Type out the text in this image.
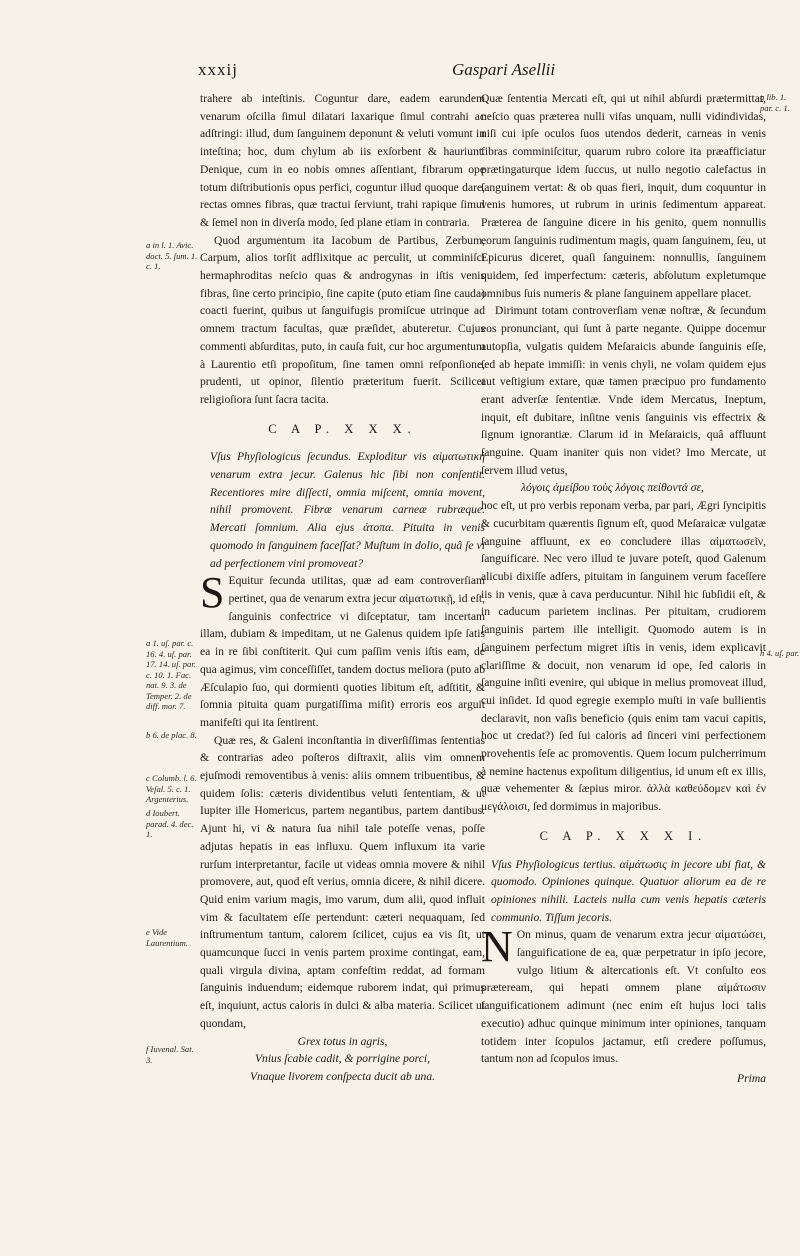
xxxij	Gaspari Asellii
a in l. 1. Avic. doct. 5. ſum. 1. c. 1.
a 1. uſ. par. c. 16. 4. uſ. par. 17. 14. uſ. par. c. 10. 1. Fac. nat. 9. 3. de Temper. 2. de diff. mor. 7.
b 6. de plac. 8.
c Columb. l. 6. Veſal. 5. c. 1. Argenterius.
d Ioubert. parad. 4. dec. 1.
e Vide Laurentium.
f Iuvenal. Sat. 3.
g lib. 1. par. c. 1.
h 4. uſ. par.

trahere ab inteſtinis. Coguntur dare, eadem earundem venarum oſcilla ſimul dilatari laxarique ſimul contrahi ac adſtringi: illud, dum ſanguinem deponunt & veluti vomunt in inteſtina; hoc, dum chylum ab iis exſorbent & hauriunt. Denique, cum in eo nobis omnes aſſentiant, fibrarum ope totum diſtributionis opus perfici, coguntur illud quoque dare, rectas omnes fibras, quæ tractui ſerviunt, trahi rapique ſimul & ſemel non in diverſa modo, ſed plane etiam in contraria.

Quod argumentum ita Iacobum de Partibus, Zerbum, Carpum, alios torſit adflixitque ac perculit, ut comminiſci hermaphroditas neſcio quas & androgynas in iſtis venis fibras, ſine certo principio, ſine capite (puto etiam ſine cauda) coacti fuerint, quibus ut ſanguifugis promiſcue utrinque ad omnem tractum facultas, quæ præſidet, abuteretur. Cujus commenti abſurditas, puto, in cauſa fuit, cur hoc argumentum à Laurentio etſi propoſitum, ſine tamen omni reſponſione, prudenti, ut opinor, ſilentio præteritum fuerit. Scilicet religioſiora ſunt ſacra tacita.

C A P. X X X.

Vſus Phyſiologicus ſecundus. Exploditur vis αἱματωτική venarum extra jecur. Galenus hic ſibi non conſentit. Recentiores mire diſſecti, omnia miſcent, omnia movent, nihil promovent. Fibræ venarum carneæ rubræque. Mercati ſomnium. Alia ejus ἀτοπα. Pituita in venis quomodo in ſanguinem faceſſat? Muſtum in dolio, quâ ſe vi ad perfectionem vini promoveat?

S Equitur ſecunda utilitas, quæ ad eam controverſiam pertinet, qua de venarum extra jecur αἱματωτικῇ, id eſt, ſanguinis confectrice vi diſceptatur, tam incertam illam, dubiam & impeditam, ut ne Galenus quidem ipſe ſatis ea in re ſibi conſtiterit. Qui cum paſſim venis iſtis eam, de qua agimus, vim conceſſiſſet, tandem doctus meliora (puto ab Æſculapio ſuo, qui dormienti quoties libitum eſt, adſtitit, & ſomnia pituita quam purgatiſſima miſit) erroris eos arguit manifeſti qui ita ſentirent.

Quæ res, & Galeni inconſtantia in diverſiſſimas ſententias & contrarias adeo poſteros diſtraxit, aliis vim omnem ejuſmodi removentibus à venis: aliis omnem tribuentibus, & quidem ſolis: cæteris dividentibus veluti ſententiam, & ut Iupiter ille Homericus, partem negantibus, partem dantibus. Ajunt hi, vi & natura ſua nihil tale poteſſe venas, poſſe adjutas hepatis in eas influxu. Quem influxum ita varie rurſum interpretantur, facile ut videas omnia movere & nihil promovere, aut, quod eſt verius, omnia dicere, & nihil dicere. Quid enim varium magis, imo varum, dum alii, quod influit vim & facultatem eſſe pertendunt: cæteri nequaquam, ſed inſtrumentum tantum, calorem ſcilicet, cujus ea vis ſit, ut quamcunque ſucci in venis partem proxime contingat, eam, quali virgula divina, aptam confeſtim reddat, ad formam ſanguinis induendum; eidemque ruborem indat, qui primus eſt, inquiunt, actus caloris in dulci & alba materia. Scilicet ut quondam,

Grex totus in agris,
Vnius ſcabie cadit, & porrigine porci,
Vnaque livorem conſpecta ducit ab una.

Quæ ſententia Mercati eſt, qui ut nihil abſurdi prætermittat, neſcio quas præterea nulli viſas unquam, nulli vidindividas, niſi cui ipſe oculos ſuos utendos dederit, carneas in venis fibras comminiſcitur, quarum rubro colore ita præafficiatur prætingaturque idem ſuccus, ut nullo negotio calefactus in ſanguinem vertat: & ob quas fieri, inquit, dum coquuntur in venis humores, ut rubrum in urinis ſedimentum appareat. Præterea de ſanguine dicere in his genito, quem nonnullis eorum ſanguinis rudimentum magis, quam ſanguinem, ſeu, ut Epicurus diceret, quaſi ſanguinem: nonnullis, ſanguinem quidem, ſed imperfectum: cæteris, abſolutum expletumque omnibus ſuis numeris & plane ſanguinem appellare placet.

Dirimunt totam controverſiam venæ noſtræ, & ſecundum eos pronunciant, qui ſunt à parte negante. Quippe docemur autopſia, vulgatis quidem Meſaraicis abunde ſanguinis eſſe, ſed ab hepate immiſſi: in venis chyli, ne volam quidem ejus aut veſtigium extare, quæ tamen præcipuo pro fundamento erant adverſæ ſententiæ. Vnde idem Mercatus, Ineptum, inquit, eſt dubitare, inſitne venis ſanguinis vis effectrix & ſignum ignorantiæ. Clarum id in Meſaraicis, quâ affluunt ſanguine. Quam inaniter quis non videt? Imo Mercate, ut ſervem illud vetus,

λόγοις ἀμείβου τοὺς λόγοις πείθοντά σε,

hoc eſt, ut pro verbis reponam verba, par pari, Ægri ſyncipitis & cucurbitam quærentis ſignum eſt, quod Meſaraicæ vulgatæ ſanguine affluunt, ex eo concludere illas αἱματωσεῖν, ſanguificare. Nec vero illud te juvare poteſt, quod Galenum alicubi dixiſſe adſers, pituitam in ſanguinem verum faceſſere iis in venis, quæ à cava perducuntur. Nihil hic ſubſidii eſt, & in caducum parietem inclinas. Per pituitam, crudiorem ſanguinis partem ille intelligit. Quomodo autem is in ſanguinem perfectum migret iſtis in venis, idem explicavit clariſſime & docuit, non venarum id ope, ſed caloris in ſanguine inſiti evenire, qui ubique in melius promoveat illud, cui inſidet. Id quod egregie exemplo muſti in vaſe bullientis declaravit, non vaſis beneficio (quis enim tam vacui capitis, hoc ut credat?) ſed ſui caloris ad ſinceri vini perfectionem provehentis ſeſe ac promoventis. Quem locum pulcherrimum à nemine hactenus expoſitum diligentius, id unum eſt ex illis, quæ vehementer & ſæpius miror. ἀλλὰ καθεύδομεν καὶ ἐν μεγάλοισι, ſed dormimus in majoribus.

C A P. X X X I.

Vſus Phyſiologicus tertius. αἱμάτωσις in jecore ubi fiat, & quomodo. Opiniones quinque. Quatuor aliorum ea de re opiniones nihili. Lacteis nulla cum venis hepatis cæteris communio. Tiſſum jecoris.

N On minus, quam de venarum extra jecur αἱματώσει, ſanguificatione de ea, quæ perpetratur in ipſo jecore, vulgo litium & altercationis eſt. Vt conſulto eos præteream, qui hepati omnem plane αἱμάτωσιν ſanguificationem adimunt (nec enim eſt hujus loci talis executio) adhuc quinque minimum inter opiniones, tanquam totidem inter ſcopulos jactamur, etſi credere poſſumus, tantum non ad ſcopulos imus.

Prima
